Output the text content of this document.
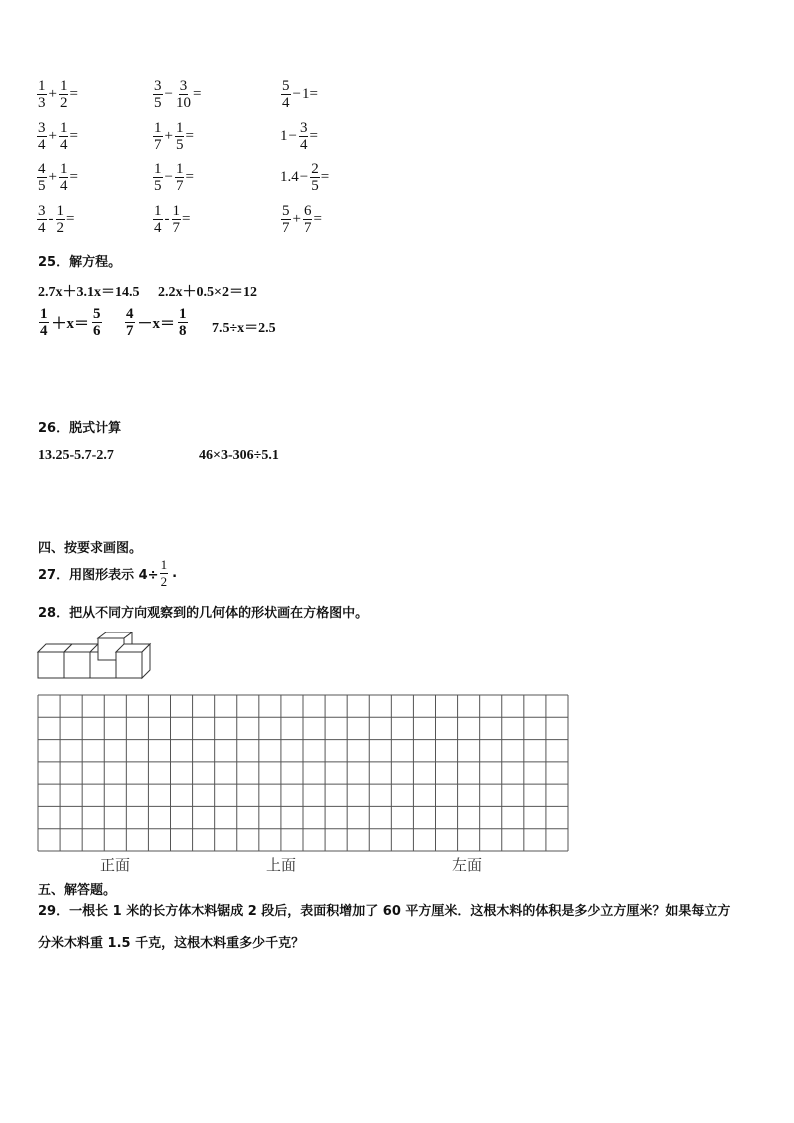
$\frac{1}{3} + \frac{1}{2}$ =	$\frac{3}{5} - \frac{3}{10}$ =	$\frac{5}{4} - 1$ =
$\frac{3}{4} + \frac{1}{4}$ =	$\frac{1}{7} + \frac{1}{5}$ =	$1 - \frac{3}{4}$ =
$\frac{4}{5} + \frac{1}{4}$ =	$\frac{1}{5} - \frac{1}{7}$ =	$1.4 - \frac{2}{5}$ =
$\frac{3}{4} - \frac{1}{2}$ =	$\frac{1}{4} - \frac{1}{7}$ =	$\frac{5}{7} + \frac{6}{7}$ =
25．解方程。
2.7x＋3.1x＝14.5 2.2x＋0.5×2＝12
$\frac{1}{4} +x= \frac{5}{6} \frac{4}{7} -x= \frac{1}{8} 7.5\div x=2.5$
26．脱式计算
13.25-5.7-2.7	46×3-306÷5.1
四、按要求画图。
27．用图形表示 $4\div \frac{1}{2}$ .
28．把从不同方向观察到的几何体的形状画在方格图中。
正面	上面	左面
五、解答题。
29．一根长 1 米的长方体木料锯成 2 段后，表面积增加了 60 平方厘米．这根木料的体积是多少立方厘米？如果每立方
分米木料重 1.5 千克，这根木料重多少千克？
